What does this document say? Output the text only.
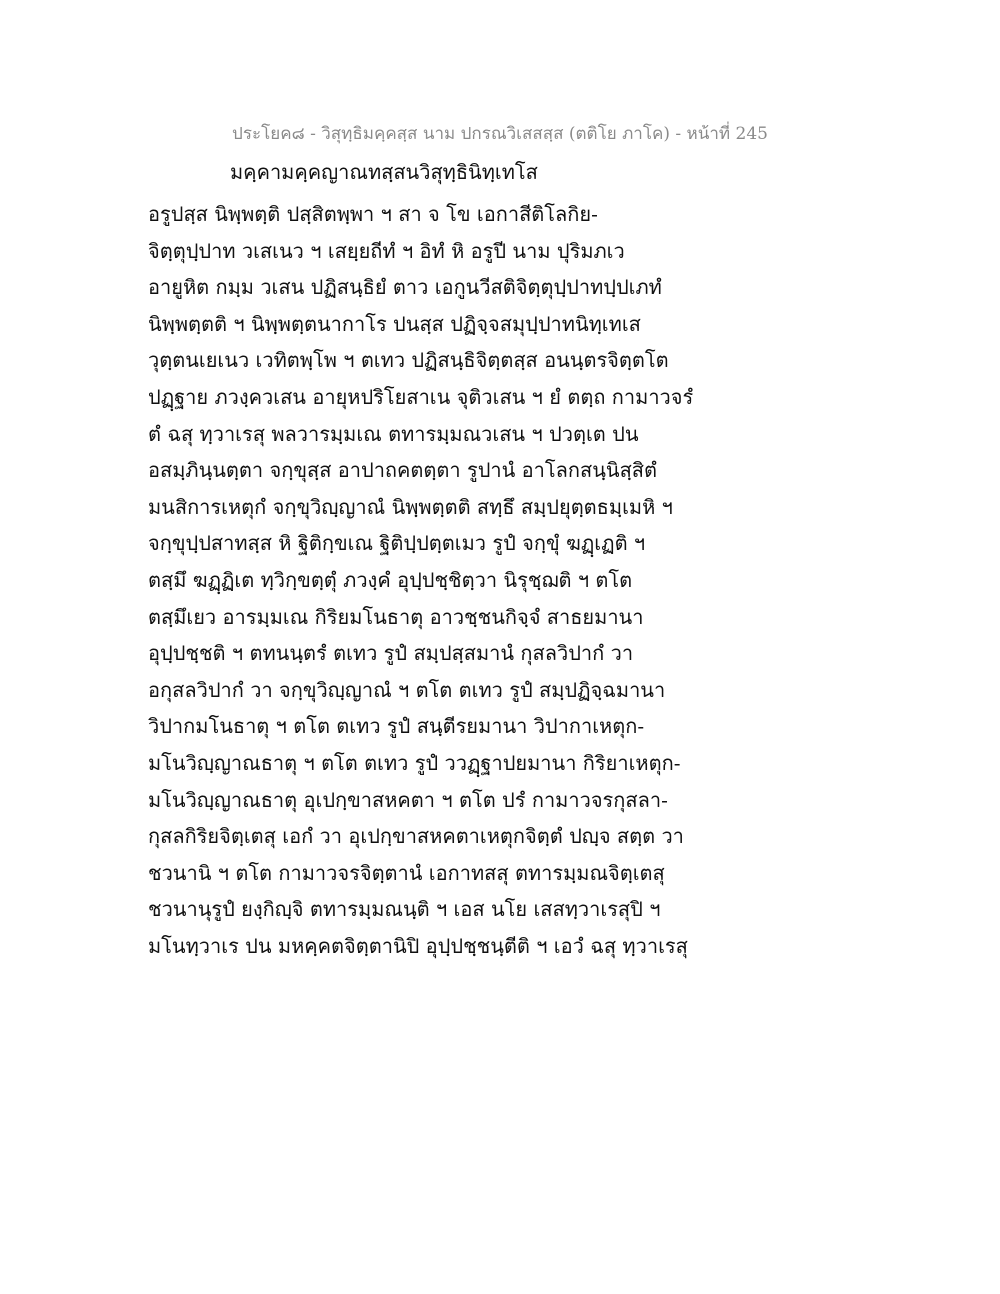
ประโยค๘ - วิสุทฺธิมคฺคสฺส นาม ปกรณวิเสสสฺส (ตติโย ภาโค) - หน้าที่ 245
มคฺคามคฺคญาณทสฺสนวิสุทฺธินิทฺเทโส
อรูปสฺส นิพฺพตฺติ ปสฺสิตพฺพา ฯ สา จ โข เอกาสีติโลกิย-
จิตฺตุปฺปาท วเสเนว ฯ เสยฺยถีทํ ฯ อิทํ หิ อรูปี นาม ปุริมภเว
อายูหิต กมฺม วเสน ปฏิสนฺธิยํ ตาว เอกูนวีสติจิตฺตุปฺปาทปฺปเภทํ
นิพฺพตฺตติ ฯ นิพฺพตฺตนากาโร ปนสฺส ปฏิจฺจสมุปฺปาทนิทฺเทเส
วุตฺตนเยเนว เวทิตพฺโพ ฯ ตเทว ปฏิสนฺธิจิตฺตสฺส อนนฺตรจิตฺตโต
ปฏฺฐาย ภวงฺควเสน อายุหปริโยสาเน จุติวเสน ฯ ยํ ตตฺถ กามาวจรํ
ตํ ฉสุ ทฺวาเรสุ พลวารมฺมเณ ตทารมฺมณวเสน ฯ ปวตฺเต ปน
อสมฺภินฺนตฺตา จกฺขุสฺส อาปาถคตตฺตา รูปานํ อาโลกสนฺนิสฺสิตํ
มนสิการเหตุกํ จกฺขุวิญฺญาณํ นิพฺพตฺตติ สทฺธึ สมฺปยุตฺตธมฺเมหิ ฯ
จกฺขุปฺปสาทสฺส หิ ฐิติกฺขเณ ฐิติปฺปตฺตเมว รูปํ จกฺขุํ ฆฏฺเฏติ ฯ
ตสฺมึ ฆฏฺฏิเต ทฺวิกฺขตฺตุํ ภวงฺคํ อุปฺปชฺชิตฺวา นิรุชฺฌติ ฯ ตโต
ตสฺมึเยว อารมฺมเณ กิริยมโนธาตุ อาวชฺชนกิจฺจํ สาธยมานา
อุปฺปชฺชติ ฯ ตทนนฺตรํ ตเทว รูปํ สมฺปสฺสมานํ กุสลวิปากํ วา
อกุสลวิปากํ วา จกฺขุวิญฺญาณํ ฯ ตโต ตเทว รูปํ สมฺปฏิจฺฉมานา
วิปากมโนธาตุ ฯ ตโต ตเทว รูปํ สนฺตีรยมานา วิปากาเหตุก-
มโนวิญฺญาณธาตุ ฯ ตโต ตเทว รูปํ ววฏฺฐาปยมานา กิริยาเหตุก-
มโนวิญฺญาณธาตุ อุเปกฺขาสหคตา ฯ ตโต ปรํ กามาวจรกุสลา-
กุสลกิริยจิตฺเตสุ เอกํ วา อุเปกฺขาสหคตาเหตุกจิตฺตํ ปญฺจ สตฺต วา
ชวนานิ ฯ ตโต กามาวจรจิตฺตานํ เอกาทสสุ ตทารมฺมณจิตฺเตสุ
ชวนานุรูปํ ยงฺกิญฺจิ ตทารมฺมณนฺติ ฯ เอส นโย เสสทฺวาเรสุปิ ฯ
มโนทฺวาเร ปน มหคฺคตจิตฺตานิปิ อุปฺปชฺชนฺตีติ ฯ เอวํ ฉสุ ทฺวาเรสุ
